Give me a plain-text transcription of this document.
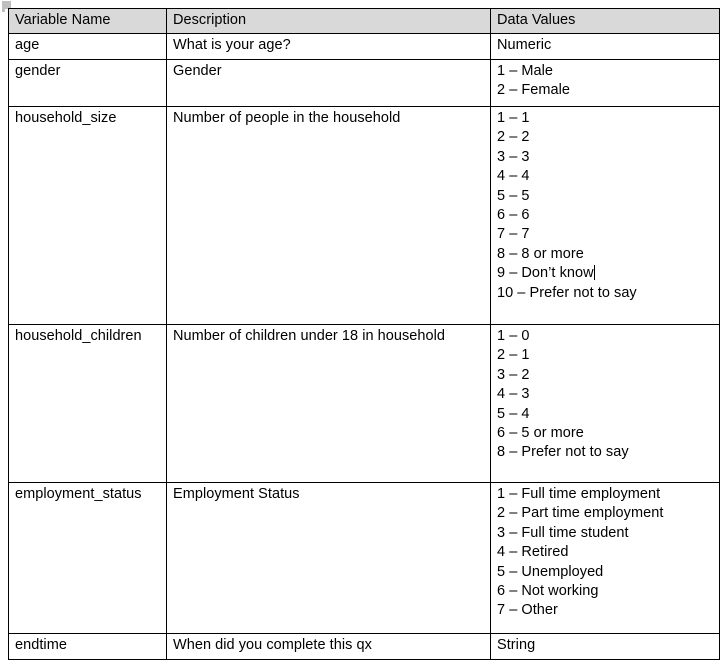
Variable Name	Description	Data Values
age	What is your age?	Numeric

gender	Gender	1 – Male
2 – Female

household_size	Number of people in the household	1 – 1
2 – 2
3 – 3
4 – 4
5 – 5
6 – 6
7 – 7
8 – 8 or more
9 – Don’t know
10 – Prefer not to say

household_children	Number of children under 18 in household	1 – 0
2 – 1
3 – 2
4 – 3
5 – 4
6 – 5 or more
8 – Prefer not to say

employment_status	Employment Status	1 – Full time employment
2 – Part time employment
3 – Full time student
4 – Retired
5 – Unemployed
6 – Not working
7 – Other

endtime	When did you complete this qx	String
